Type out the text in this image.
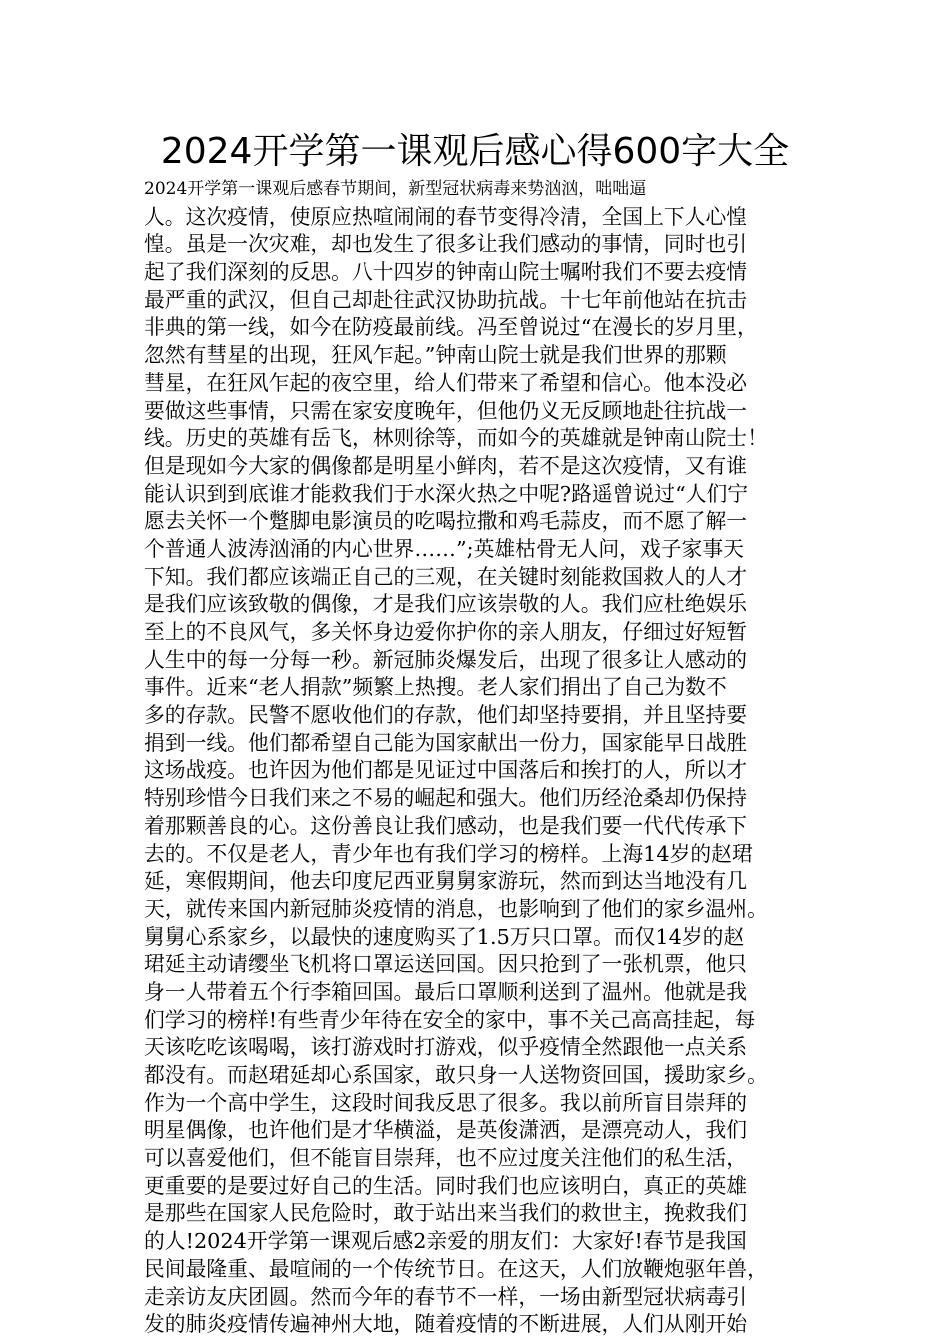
2024开学第一课观后感心得600字大全
2024开学第一课观后感春节期间，新型冠状病毒来势汹汹，咄咄逼
人。这次疫情，使原应热喧闹闹的春节变得冷清，全国上下人心惶
惶。虽是一次灾难，却也发生了很多让我们感动的事情，同时也引
起了我们深刻的反思。八十四岁的钟南山院士嘱咐我们不要去疫情
最严重的武汉，但自己却赴往武汉协助抗战。十七年前他站在抗击
非典的第一线，如今在防疫最前线。冯至曾说过“在漫长的岁月里，
忽然有彗星的出现，狂风乍起。”钟南山院士就是我们世界的那颗
彗星，在狂风乍起的夜空里，给人们带来了希望和信心。他本没必
要做这些事情，只需在家安度晚年，但他仍义无反顾地赴往抗战一
线。历史的英雄有岳飞，林则徐等，而如今的英雄就是钟南山院士！
但是现如今大家的偶像都是明星小鲜肉，若不是这次疫情，又有谁
能认识到到底谁才能救我们于水深火热之中呢?路遥曾说过“人们宁
愿去关怀一个蹩脚电影演员的吃喝拉撒和鸡毛蒜皮，而不愿了解一
个普通人波涛汹涌的内心世界……”;英雄枯骨无人问，戏子家事天
下知。我们都应该端正自己的三观，在关键时刻能救国救人的人才
是我们应该致敬的偶像，才是我们应该崇敬的人。我们应杜绝娱乐
至上的不良风气，多关怀身边爱你护你的亲人朋友，仔细过好短暂
人生中的每一分每一秒。新冠肺炎爆发后，出现了很多让人感动的
事件。近来“老人捐款”频繁上热搜。老人家们捐出了自己为数不
多的存款。民警不愿收他们的存款，他们却坚持要捐，并且坚持要
捐到一线。他们都希望自己能为国家献出一份力，国家能早日战胜
这场战疫。也许因为他们都是见证过中国落后和挨打的人，所以才
特别珍惜今日我们来之不易的崛起和强大。他们历经沧桑却仍保持
着那颗善良的心。这份善良让我们感动，也是我们要一代代传承下
去的。不仅是老人，青少年也有我们学习的榜样。上海14岁的赵珺
延，寒假期间，他去印度尼西亚舅舅家游玩，然而到达当地没有几
天，就传来国内新冠肺炎疫情的消息，也影响到了他们的家乡温州。
舅舅心系家乡，以最快的速度购买了1.5万只口罩。而仅14岁的赵
珺延主动请缨坐飞机将口罩运送回国。因只抢到了一张机票，他只
身一人带着五个行李箱回国。最后口罩顺利送到了温州。他就是我
们学习的榜样!有些青少年待在安全的家中，事不关己高高挂起，每
天该吃吃该喝喝，该打游戏时打游戏，似乎疫情全然跟他一点关系
都没有。而赵珺延却心系国家，敢只身一人送物资回国，援助家乡。
作为一个高中学生，这段时间我反思了很多。我以前所盲目崇拜的
明星偶像，也许他们是才华横溢，是英俊潇洒，是漂亮动人，我们
可以喜爱他们，但不能盲目崇拜，也不应过度关注他们的私生活，
更重要的是要过好自己的生活。同时我们也应该明白，真正的英雄
是那些在国家人民危险时，敢于站出来当我们的救世主，挽救我们
的人!2024开学第一课观后感2亲爱的朋友们：大家好!春节是我国
民间最隆重、最喧闹的一个传统节日。在这天，人们放鞭炮驱年兽，
走亲访友庆团圆。然而今年的春节不一样，一场由新型冠状病毒引
发的肺炎疫情传遍神州大地，随着疫情的不断进展，人们从刚开始
